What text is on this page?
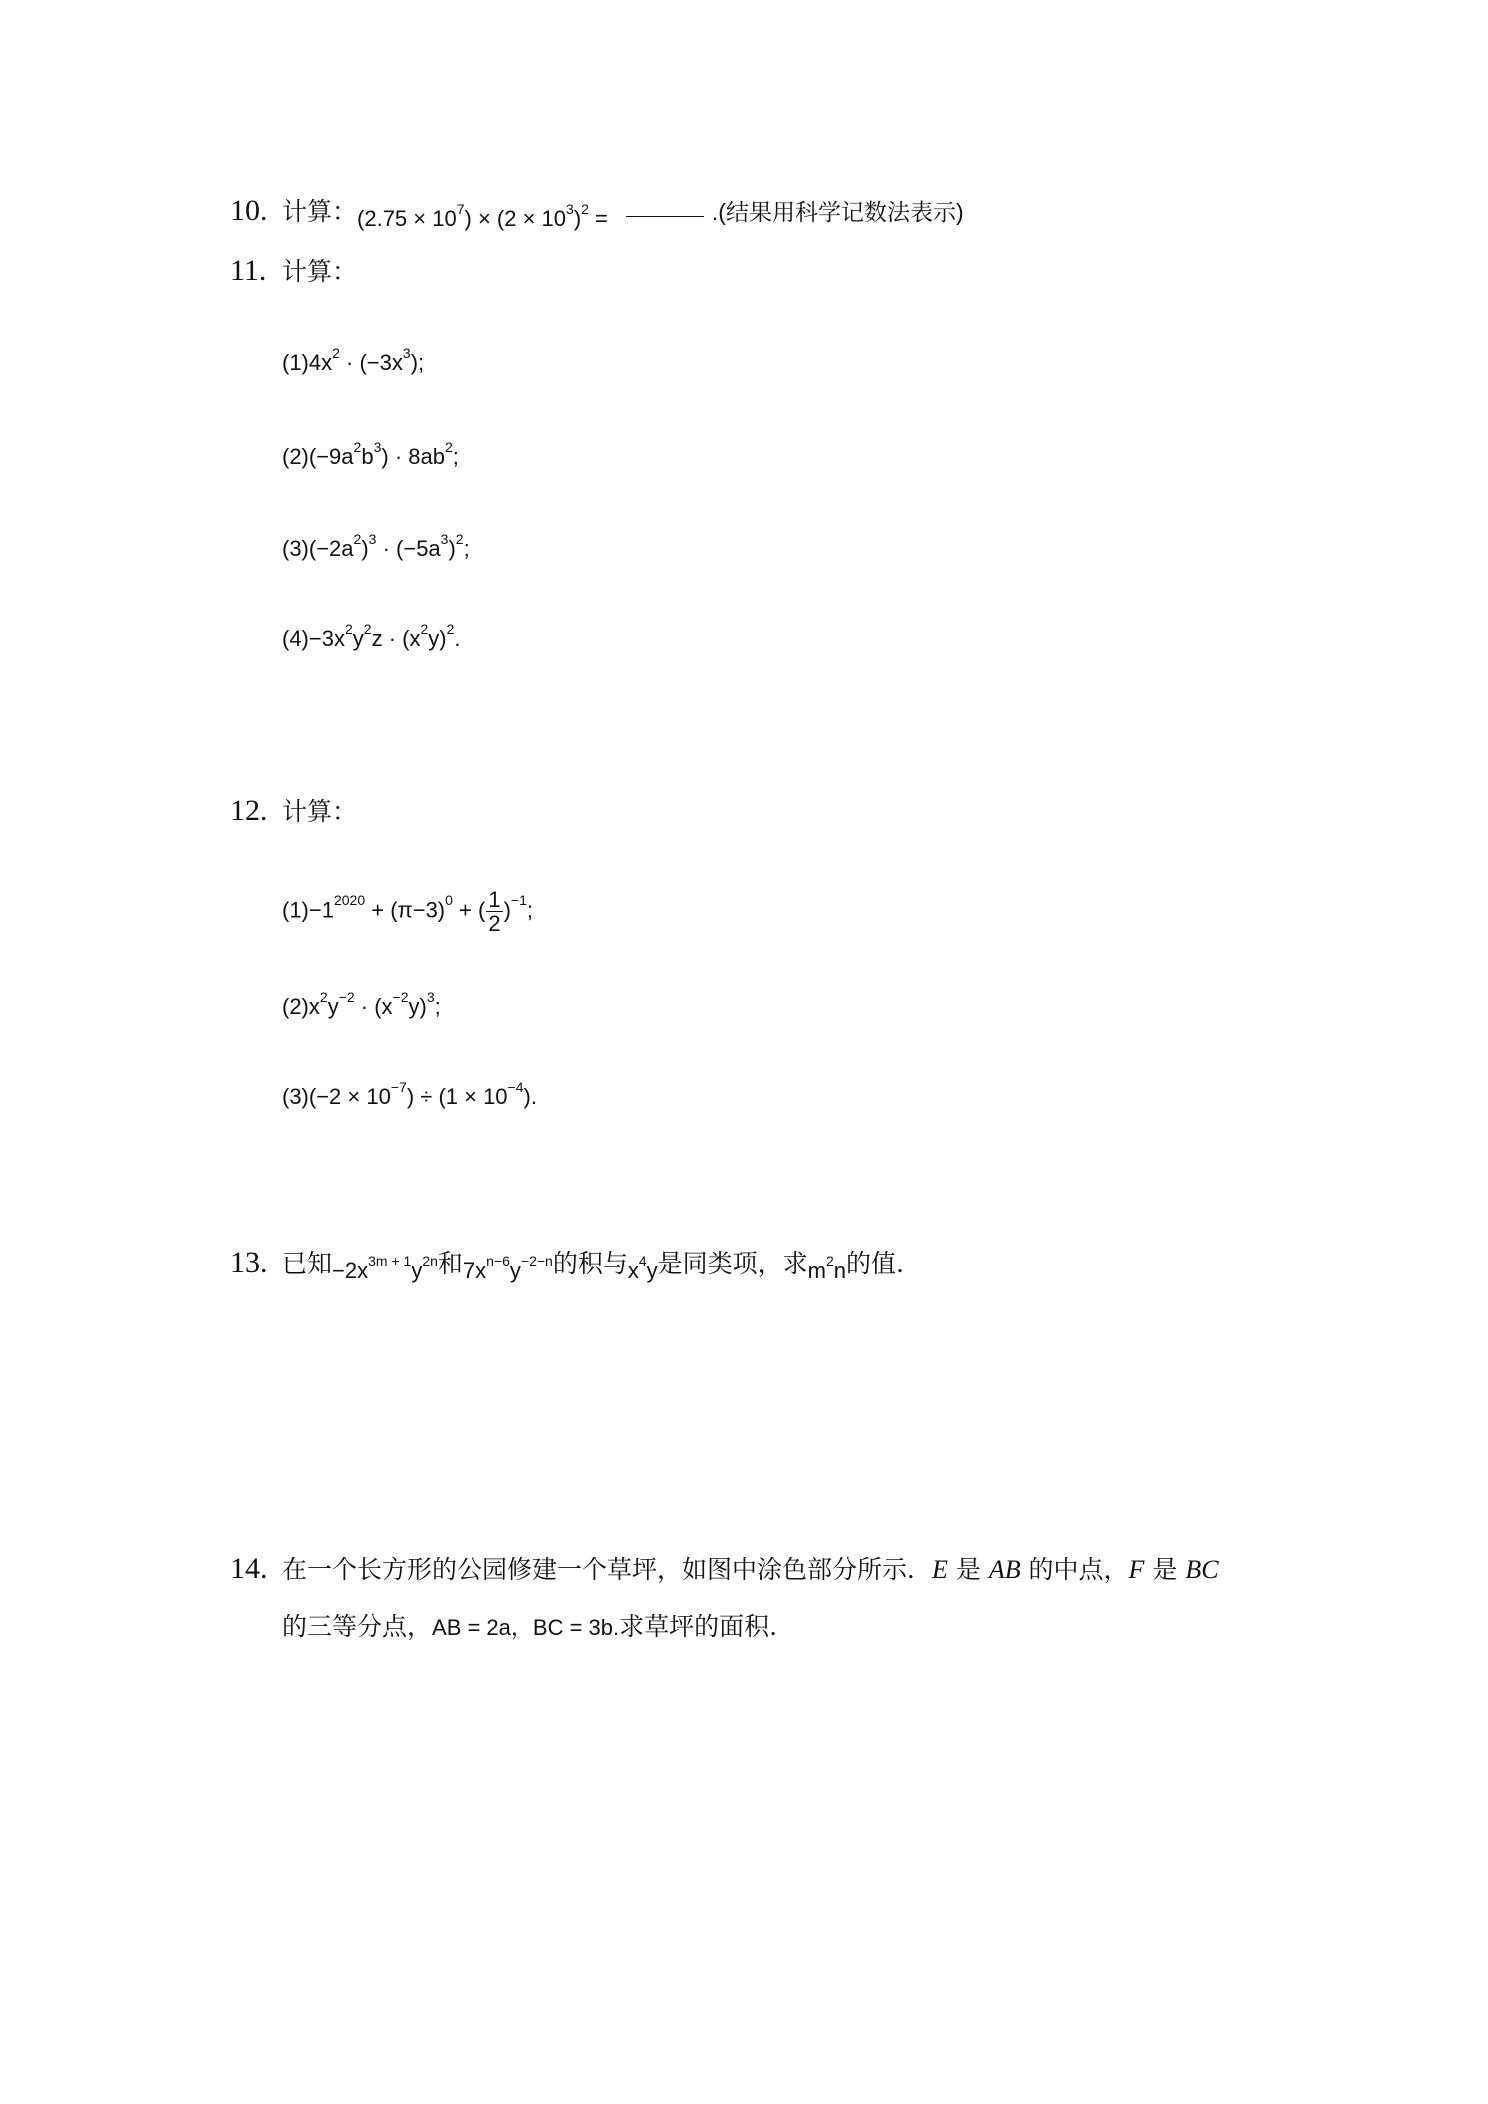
10. 计算：$(2.75 \times 10^7) \times (2 \times 10^3)^2$ =	.(结果用科学记数法表示)
11. 计算：
$(1)4x^2 \cdot (-3x^3)$;
$(2)(-9a^2b^3) \cdot 8ab^2$;
$(3)(-2a^2)^3 \cdot (-5a^3)^2$;
$(4)-3x^2y^2z \cdot (x^2y)^2$.
12. 计算：
$(1)-1^{2020} + (\pi-3)^0$ + ( $\frac{1}{2} )^{-1}$;
$(2)x^2y^{-2} \cdot (x^{-2}y)^3$;
$(3)(-2 \times 10^{-7}) \div (1 \times 10^{-4})$.
13. 已知$-2x^{3m + 1}y^{2n}$和$7x^{n-6}y^{-2-n}$的积与$x^4y$是同类项，求$m^2n$的值.
14. 在一个长方形的公园修建一个草坪，如图中涂色部分所示．E 是 AB 的中点，F 是 BC
的三等分点，AB = 2a，BC = 3b.求草坪的面积.
